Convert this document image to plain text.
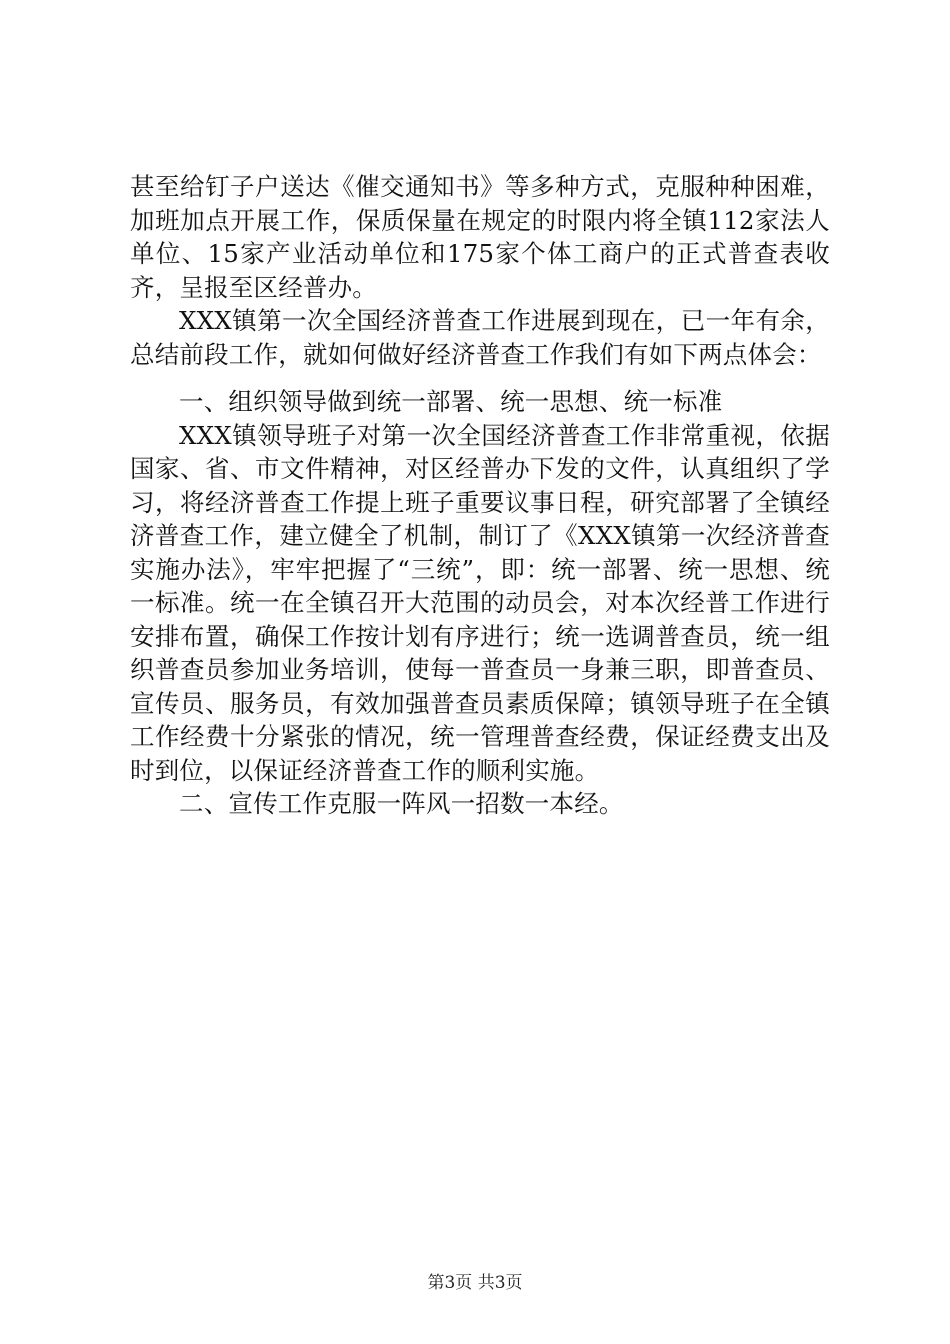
甚至给钉子户送达《催交通知书》等多种方式，克服种种困难，加班加点开展工作，保质保量在规定的时限内将全镇112家法人单位、15家产业活动单位和175家个体工商户的正式普查表收齐，呈报至区经普办。

XXX镇第一次全国经济普查工作进展到现在，已一年有余，总结前段工作，就如何做好经济普查工作我们有如下两点体会：

一、组织领导做到统一部署、统一思想、统一标准

XXX镇领导班子对第一次全国经济普查工作非常重视，依据国家、省、市文件精神，对区经普办下发的文件，认真组织了学习，将经济普查工作提上班子重要议事日程，研究部署了全镇经济普查工作，建立健全了机制，制订了《XXX镇第一次经济普查实施办法》，牢牢把握了“三统”，即：统一部署、统一思想、统一标准。统一在全镇召开大范围的动员会，对本次经普工作进行安排布置，确保工作按计划有序进行；统一选调普查员，统一组织普查员参加业务培训，使每一普查员一身兼三职，即普查员、宣传员、服务员，有效加强普查员素质保障；镇领导班子在全镇工作经费十分紧张的情况，统一管理普查经费，保证经费支出及时到位，以保证经济普查工作的顺利实施。

二、宣传工作克服一阵风一招数一本经。

第3页 共3页
